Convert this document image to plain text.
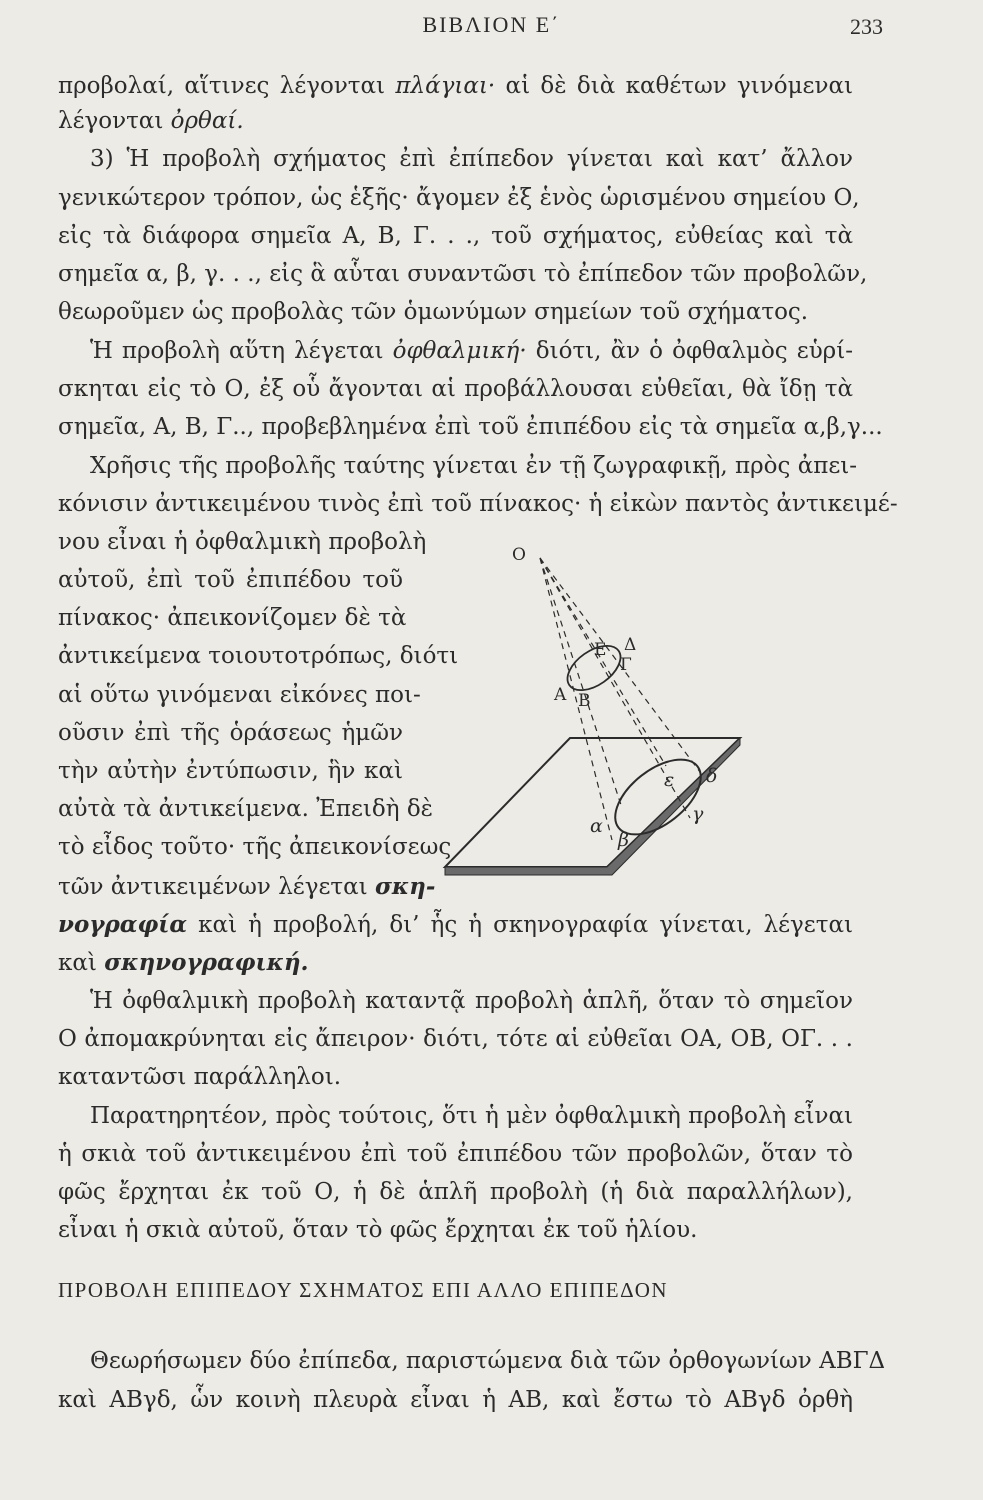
ΒΙΒΛΙΟΝ Ε΄	233
προβολαί, αἵτινες λέγονται πλάγιαι· αἱ δὲ διὰ καθέτων γινόμεναι
λέγονται ὀρθαί.
3) Ἡ προβολὴ σχήματος ἐπὶ ἐπίπεδον γίνεται καὶ κατ’ ἄλλον
γενικώτερον τρόπον, ὡς ἑξῆς· ἄγομεν ἐξ ἑνὸς ὡρισμένου σημείου Ο,
εἰς τὰ διάφορα σημεῖα Α, Β, Γ. . ., τοῦ σχήματος, εὐθείας καὶ τὰ
σημεῖα α, β, γ. . ., εἰς ἃ αὗται συναντῶσι τὸ ἐπίπεδον τῶν προβολῶν,
θεωροῦμεν ὡς προβολὰς τῶν ὁμωνύμων σημείων τοῦ σχήματος.
Ἡ προβολὴ αὕτη λέγεται ὀφθαλμική· διότι, ἂν ὁ ὀφθαλμὸς εὑρί-
σκηται εἰς τὸ Ο, ἐξ οὗ ἄγονται αἱ προβάλλουσαι εὐθεῖαι, θὰ ἴδῃ τὰ
σημεῖα, Α, Β, Γ.., προβεβλημένα ἐπὶ τοῦ ἐπιπέδου εἰς τὰ σημεῖα α,β,γ...
Χρῆσις τῆς προβολῆς ταύτης γίνεται ἐν τῇ ζωγραφικῇ, πρὸς ἀπει-
κόνισιν ἀντικειμένου τινὸς ἐπὶ τοῦ πίνακος· ἡ εἰκὼν παντὸς ἀντικειμέ-
νου εἶναι ἡ ὀφθαλμικὴ προβολὴ
αὐτοῦ, ἐπὶ τοῦ ἐπιπέδου τοῦ
πίνακος· ἀπεικονίζομεν δὲ τὰ
ἀντικείμενα τοιουτοτρόπως, διότι
αἱ οὕτω γινόμεναι εἰκόνες ποι-
οῦσιν ἐπὶ τῆς ὁράσεως ἡμῶν
τὴν αὐτὴν ἐντύπωσιν, ἣν καὶ
αὐτὰ τὰ ἀντικείμενα. Ἐπειδὴ δὲ
τὸ εἶδος τοῦτο· τῆς ἀπεικονίσεως
τῶν ἀντικειμένων λέγεται σκη-
νογραφία καὶ ἡ προβολή, δι’ ἧς ἡ σκηνογραφία γίνεται, λέγεται
καὶ σκηνογραφική.
Ἡ ὀφθαλμικὴ προβολὴ καταντᾷ προβολὴ ἁπλῆ, ὅταν τὸ σημεῖον
Ο ἀπομακρύνηται εἰς ἄπειρον· διότι, τότε αἱ εὐθεῖαι ΟΑ, ΟΒ, ΟΓ. . .
καταντῶσι παράλληλοι.
Παρατηρητέον, πρὸς τούτοις, ὅτι ἡ μὲν ὀφθαλμικὴ προβολὴ εἶναι
ἡ σκιὰ τοῦ ἀντικειμένου ἐπὶ τοῦ ἐπιπέδου τῶν προβολῶν, ὅταν τὸ
φῶς ἔρχηται ἐκ τοῦ Ο, ἡ δὲ ἁπλῆ προβολὴ (ἡ διὰ παραλλήλων),
εἶναι ἡ σκιὰ αὐτοῦ, ὅταν τὸ φῶς ἔρχηται ἐκ τοῦ ἡλίου.
ΠΡΟΒΟΛΗ ΕΠΙΠΕΔΟΥ ΣΧΗΜΑΤΟΣ ΕΠΙ ΑΛΛΟ ΕΠΙΠΕΔΟΝ
Θεωρήσωμεν δύο ἐπίπεδα, παριστώμενα διὰ τῶν ὀρθογωνίων ΑΒΓΔ
καὶ ΑΒγδ, ὧν κοινὴ πλευρὰ εἶναι ἡ ΑΒ, καὶ ἔστω τὸ ΑΒγδ ὀρθὴ
O
A B
E
Γ
Δ
α
β
ε
γ
δ
